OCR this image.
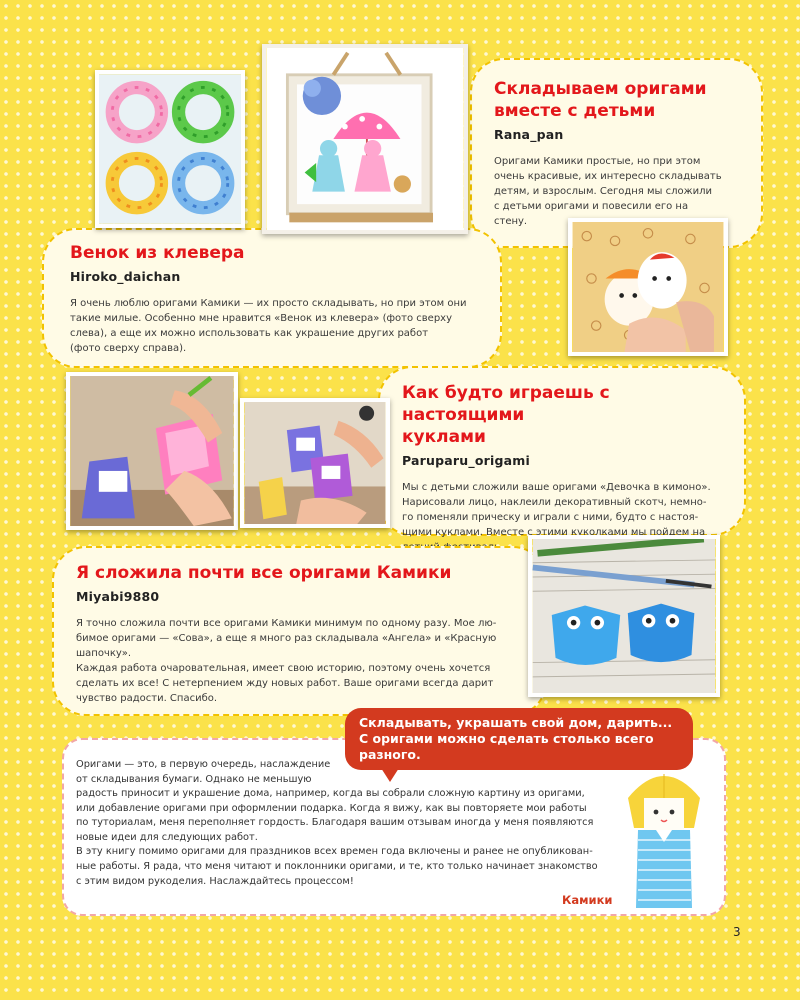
Складываем оригами
вместе с детьми
Rana_pan

Оригами Камики простые, но при этом
очень красивые, их интересно складывать
детям, и взрослым. Сегодня мы сложили
с детьми оригами и повесили его на
стену.

Венок из клевера
Hiroko_daichan

Я очень люблю оригами Камики — их просто складывать, но при этом они
такие милые. Особенно мне нравится «Венок из клевера» (фото сверху
слева), а еще их можно использовать как украшение других работ
(фото сверху справа).

Как будто играешь с настоящими
куклами
Paruparu_origami

Мы с детьми сложили ваше оригами «Девочка в кимоно».
Нарисовали лицо, наклеили декоративный скотч, немно-
го поменяли прическу и играли с ними, будто с настоя-
щими куклами. Вместе с этими куколками мы пойдем на

Я сложила почти все оригами Камики
Miyabi9880

Я точно сложила почти все оригами Камики минимум по одному разу. Мое лю-
бимое оригами — «Сова», а еще я много раз складывала «Ангела» и «Красную
шапочку».
Каждая работа очаровательная, имеет свою историю, поэтому очень хочется
сделать их все! С нетерпением жду новых работ. Ваше оригами всегда дарит
чувство радости. Спасибо.

Оригами — это, в первую очередь, наслаждение
от складывания бумаги. Однако не меньшую

радость приносит и украшение дома, например, когда вы собрали сложную картину из оригами,
или добавление оригами при оформлении подарка. Когда я вижу, как вы повторяете мои работы
по туториалам, меня переполняет гордость. Благодаря вашим отзывам иногда у меня появляются
новые идеи для следующих работ.
В эту книгу помимо оригами для праздников всех времен года включены и ранее не опубликован-
ные работы. Я рада, что меня читают и поклонники оригами, и те, кто только начинает знакомство
с этим видом рукоделия. Наслаждайтесь процессом!

Камики
Складывать, украшать свой дом, дарить...
С оригами можно сделать столько всего
разного.
3
